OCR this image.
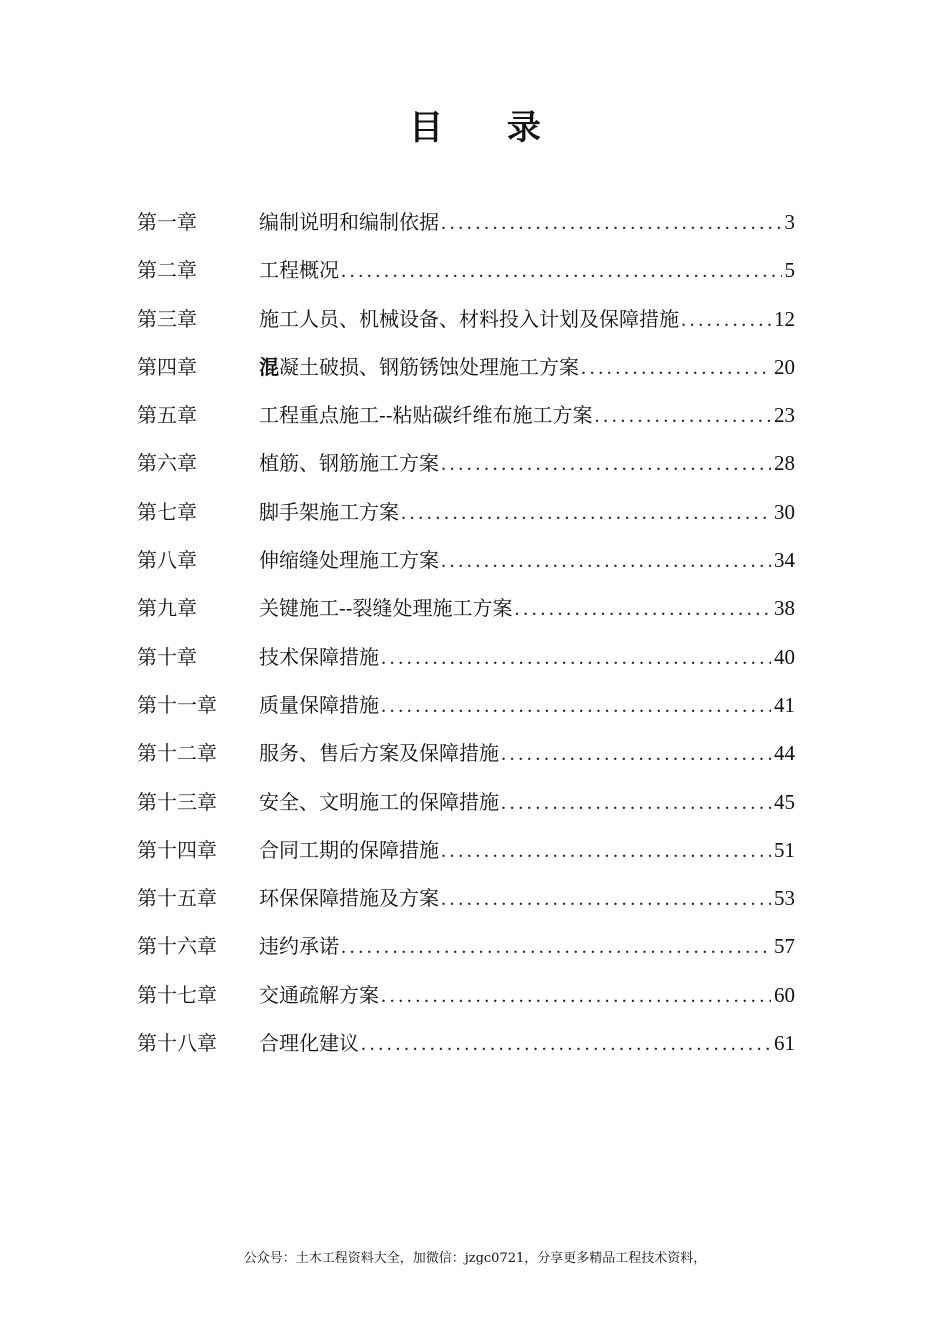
目 录
第一章	编制说明和编制依据 .....	3
第二章	工程概况 .....	5
第三章	施工人员、机械设备、材料投入计划及保障措施 .....	12
第四章	混凝土破损、钢筋锈蚀处理施工方案 .....	20
第五章	工程重点施工--粘贴碳纤维布施工方案 .....	23
第六章	植筋、钢筋施工方案 .....	28
第七章	脚手架施工方案 .....	30
第八章	伸缩缝处理施工方案 .....	34
第九章	关键施工--裂缝处理施工方案 .....	38
第十章	技术保障措施 .....	40
第十一章	质量保障措施 .....	41
第十二章	服务、售后方案及保障措施 .....	44
第十三章	安全、文明施工的保障措施 .....	45
第十四章	合同工期的保障措施 .....	51
第十五章	环保保障措施及方案 .....	53
第十六章	违约承诺 .....	57
第十七章	交通疏解方案 .....	60
第十八章	合理化建议 .....	61
公众号：土木工程资料大全，加微信：jzgc0721，分享更多精品工程技术资料，
